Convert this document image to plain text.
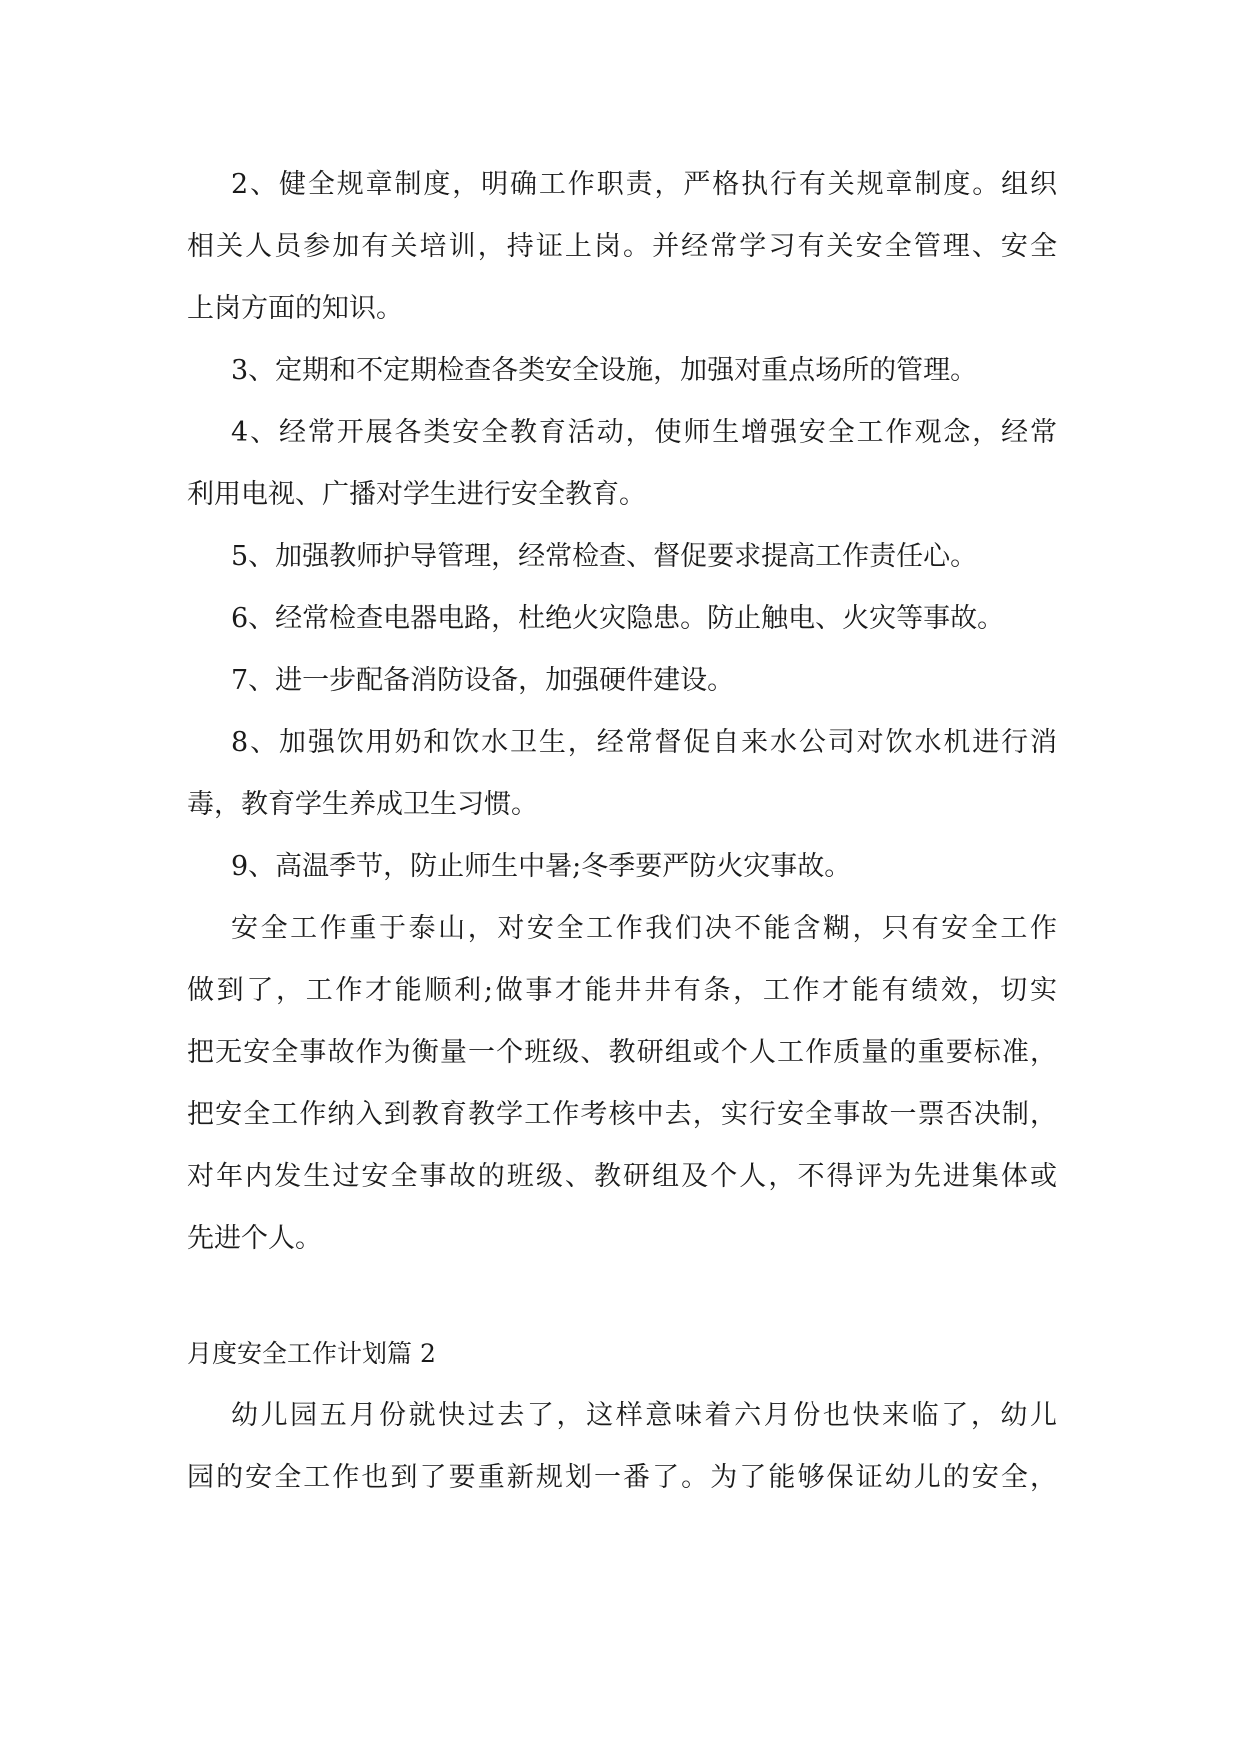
2、健全规章制度，明确工作职责，严格执行有关规章制度。组织
相关人员参加有关培训，持证上岗。并经常学习有关安全管理、安全
上岗方面的知识。
3、定期和不定期检查各类安全设施，加强对重点场所的管理。
4、经常开展各类安全教育活动，使师生增强安全工作观念，经常
利用电视、广播对学生进行安全教育。
5、加强教师护导管理，经常检查、督促要求提高工作责任心。
6、经常检查电器电路，杜绝火灾隐患。防止触电、火灾等事故。
7、进一步配备消防设备，加强硬件建设。
8、加强饮用奶和饮水卫生，经常督促自来水公司对饮水机进行消
毒，教育学生养成卫生习惯。
9、高温季节，防止师生中暑;冬季要严防火灾事故。
安全工作重于泰山，对安全工作我们决不能含糊，只有安全工作
做到了，工作才能顺利;做事才能井井有条，工作才能有绩效，切实
把无安全事故作为衡量一个班级、教研组或个人工作质量的重要标准，
把安全工作纳入到教育教学工作考核中去，实行安全事故一票否决制，
对年内发生过安全事故的班级、教研组及个人，不得评为先进集体或
先进个人。
月度安全工作计划篇 2
幼儿园五月份就快过去了，这样意味着六月份也快来临了，幼儿
园的安全工作也到了要重新规划一番了。为了能够保证幼儿的安全，
